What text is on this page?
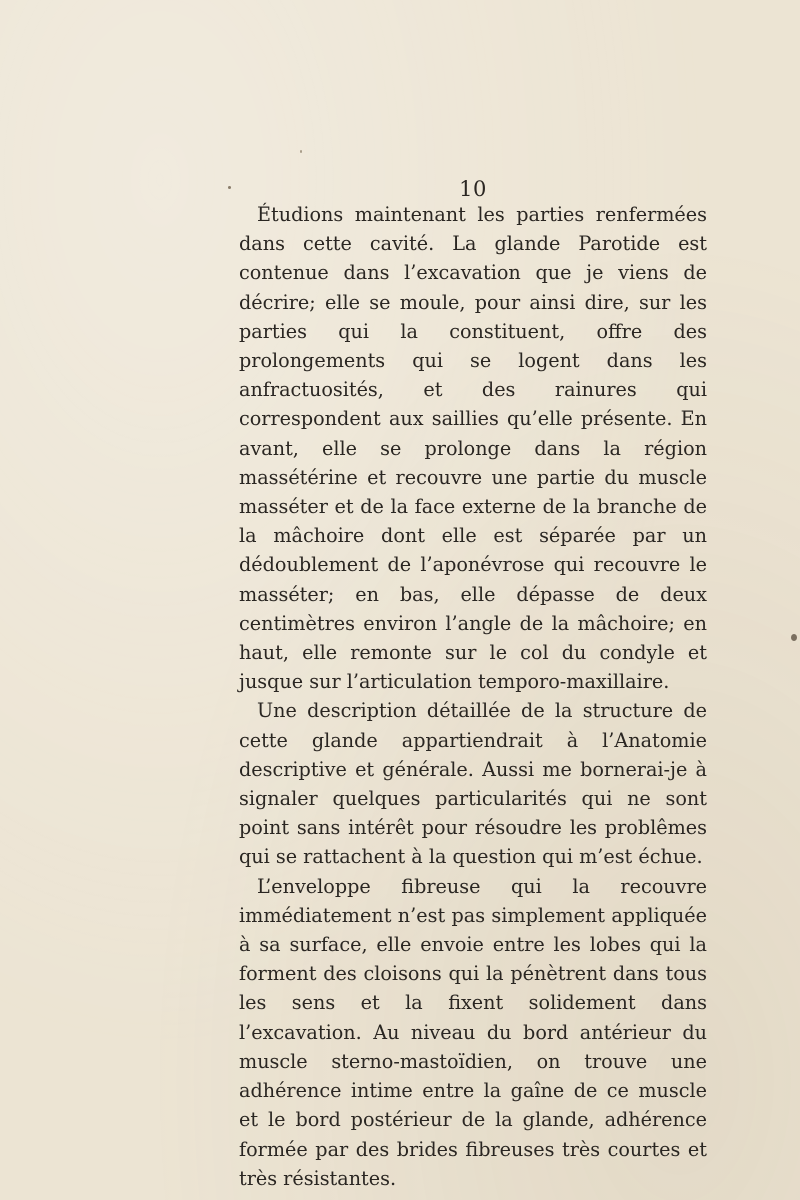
10

Étudions maintenant les parties renfermées dans cette cavité. La glande Parotide est contenue dans l’excavation que je viens de décrire; elle se moule, pour ainsi dire, sur les parties qui la constituent, offre des prolongements qui se logent dans les anfractuosités, et des rainures qui correspondent aux saillies qu’elle présente. En avant, elle se prolonge dans la région massétérine et recouvre une partie du muscle masséter et de la face externe de la branche de la mâchoire dont elle est séparée par un dédoublement de l’aponévrose qui recouvre le masséter; en bas, elle dépasse de deux centimètres environ l’angle de la mâchoire; en haut, elle remonte sur le col du condyle et jusque sur l’articulation temporo-maxillaire.

Une description détaillée de la structure de cette glande appartiendrait à l’Anatomie descriptive et générale. Aussi me bornerai-je à signaler quelques particularités qui ne sont point sans intérêt pour résoudre les problêmes qui se rattachent à la question qui m’est échue.

L’enveloppe fibreuse qui la recouvre immédiatement n’est pas simplement appliquée à sa surface, elle envoie entre les lobes qui la forment des cloisons qui la pénètrent dans tous les sens et la fixent solidement dans l’excavation. Au niveau du bord antérieur du muscle sterno-mastoïdien, on trouve une adhérence intime entre la gaîne de ce muscle et le bord postérieur de la glande, adhérence formée par des brides fibreuses très courtes et très résistantes.
